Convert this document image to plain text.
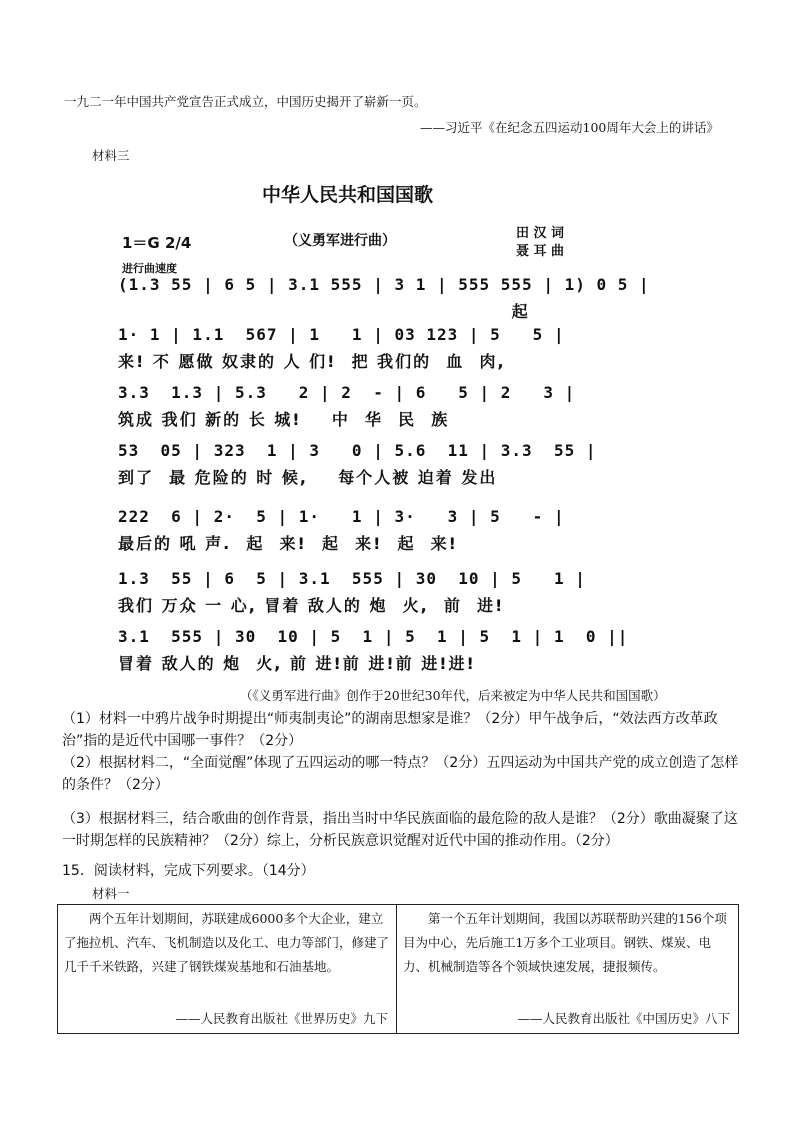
一九二一年中国共产党宣告正式成立，中国历史揭开了崭新一页。
——习近平《在纪念五四运动100周年大会上的讲话》
材料三
中华人民共和国国歌
1＝G 2/4	（义勇军进行曲）	田 汉 词
聂 耳 曲
进行曲速度
(1.3 55 | 6 5 | 3.1 555 | 3 1 | 555 555 | 1) 0 5 |
起
1· 1 | 1.1  567 | 1   1 | 03 123 | 5   5 |
来! 不 愿做 奴隶的 人 们!  把 我们的  血  肉,
3.3  1.3 | 5.3   2 | 2  - | 6   5 | 2   3 |
筑成 我们 新的 长 城!    中  华  民  族
53  05 | 323  1 | 3   0 | 5.6  11 | 3.3  55 |
到了  最 危险的 时 候,    每个人被 迫着 发出
222  6 | 2·  5 | 1·   1 | 3·   3 | 5   - |
最后的 吼 声.  起  来!  起  来!  起  来!
1.3  55 | 6  5 | 3.1  555 | 30  10 | 5   1 |
我们 万众 一 心, 冒着 敌人的 炮  火,  前  进!
3.1  555 | 30  10 | 5  1 | 5  1 | 5  1 | 1  0 ||
冒着 敌人的 炮  火, 前 进!前 进!前 进!进!
（《义勇军进行曲》创作于20世纪30年代，后来被定为中华人民共和国国歌）
（1）材料一中鸦片战争时期提出“师夷制夷论”的湖南思想家是谁？（2分）甲午战争后，“效法西方改革政治”指的是近代中国哪一事件？（2分）
（2）根据材料二，“全面觉醒”体现了五四运动的哪一特点？（2分）五四运动为中国共产党的成立创造了怎样的条件？（2分）
（3）根据材料三，结合歌曲的创作背景，指出当时中华民族面临的最危险的敌人是谁？（2分）歌曲凝聚了这一时期怎样的民族精神？（2分）综上，分析民族意识觉醒对近代中国的推动作用。（2分）
15．阅读材料，完成下列要求。（14分）
材料一

两个五年计划期间，苏联建成6000多个大企业，建立了拖拉机、汽车、飞机制造以及化工、电力等部门，修建了几千千米铁路，兴建了钢铁煤炭基地和石油基地。

——人民教育出版社《世界历史》九下

第一个五年计划期间，我国以苏联帮助兴建的156个项目为中心，先后施工1万多个工业项目。钢铁、煤炭、电力、机械制造等各个领域快速发展，捷报频传。

——人民教育出版社《中国历史》八下
